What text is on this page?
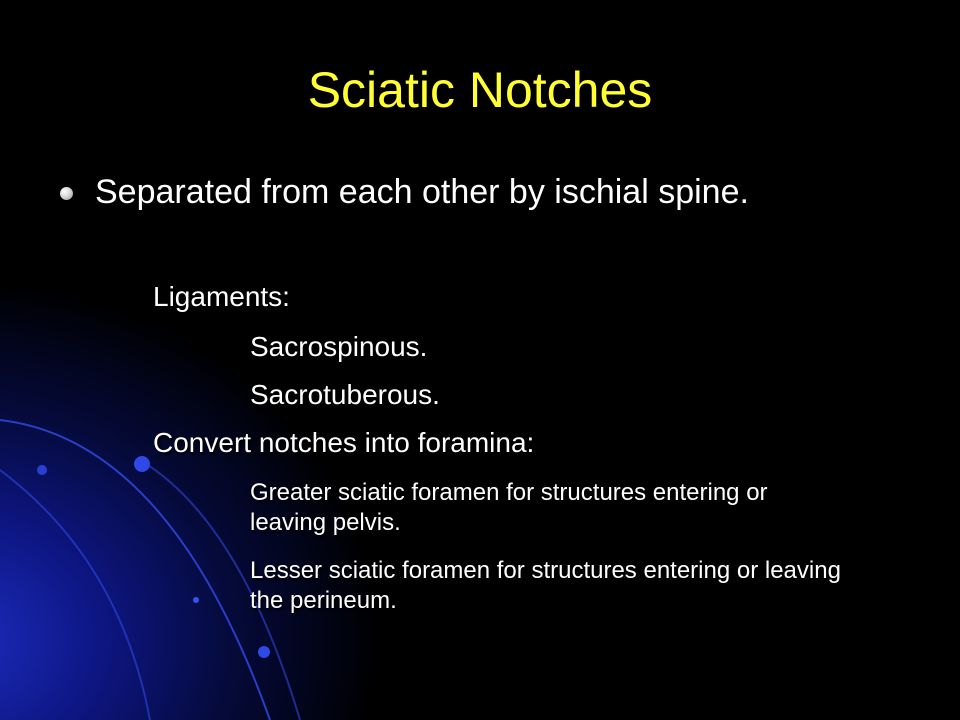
Sciatic Notches
Separated from each other by ischial spine.
Ligaments:
Sacrospinous.
Sacrotuberous.
Convert notches into foramina:
Greater sciatic foramen for structures entering or leaving pelvis.
Lesser sciatic foramen for structures entering or leaving the perineum.
